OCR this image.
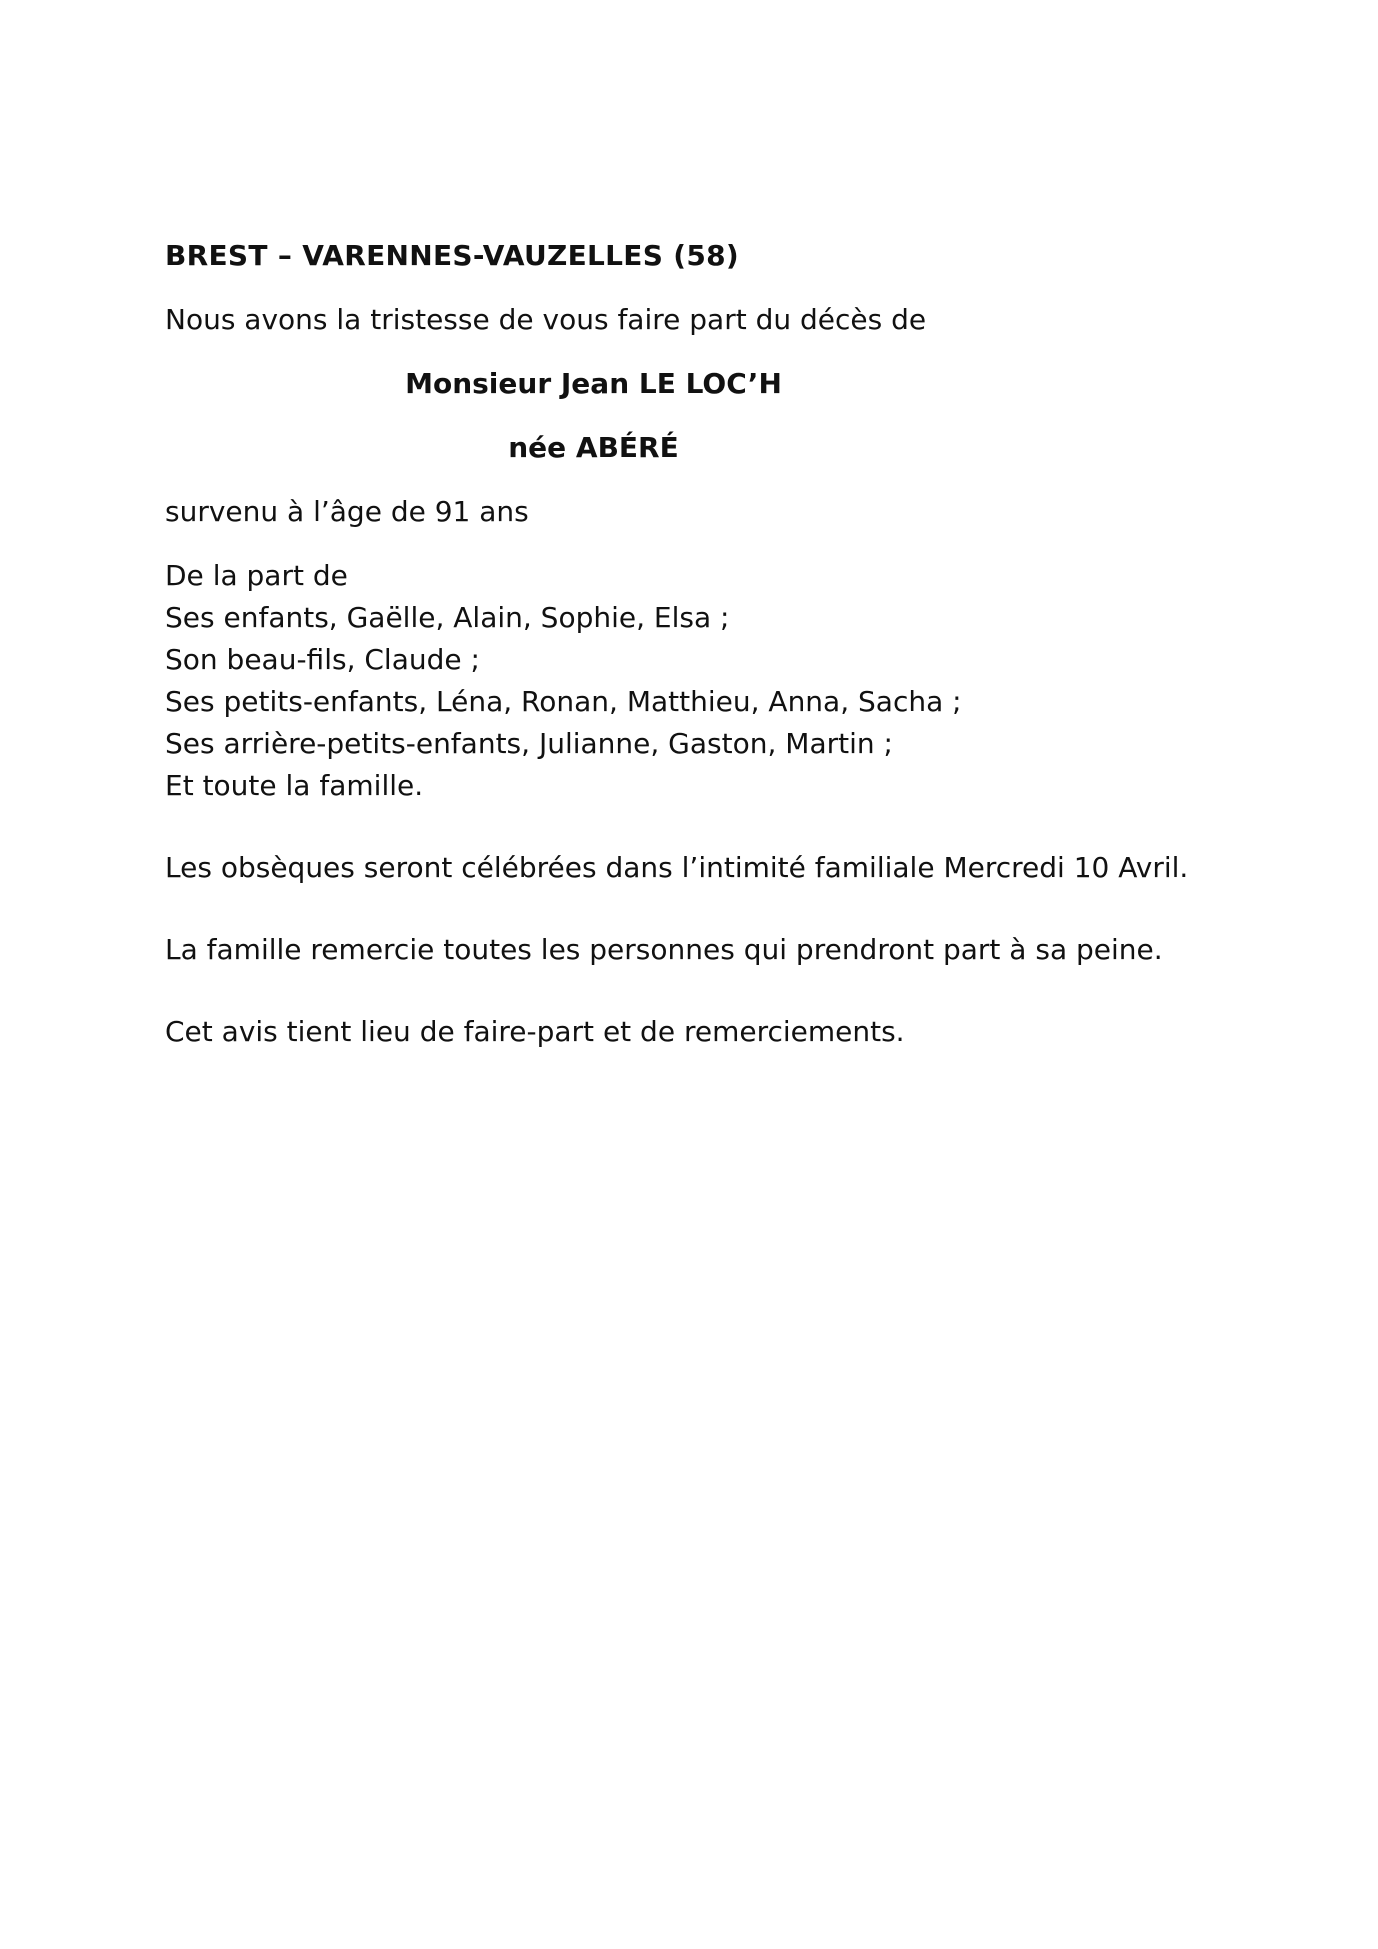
BREST – VARENNES-VAUZELLES (58)
Nous avons la tristesse de vous faire part du décès de
Monsieur Jean LE LOC’H
née ABÉRÉ
survenu à l’âge de 91 ans
De la part de
Ses enfants, Gaëlle, Alain, Sophie, Elsa ;
Son beau-fils, Claude ;
Ses petits-enfants, Léna, Ronan, Matthieu, Anna, Sacha ;
Ses arrière-petits-enfants, Julianne, Gaston, Martin ;
Et toute la famille.
Les obsèques seront célébrées dans l’intimité familiale Mercredi 10 Avril.
La famille remercie toutes les personnes qui prendront part à sa peine.
Cet avis tient lieu de faire-part et de remerciements.
